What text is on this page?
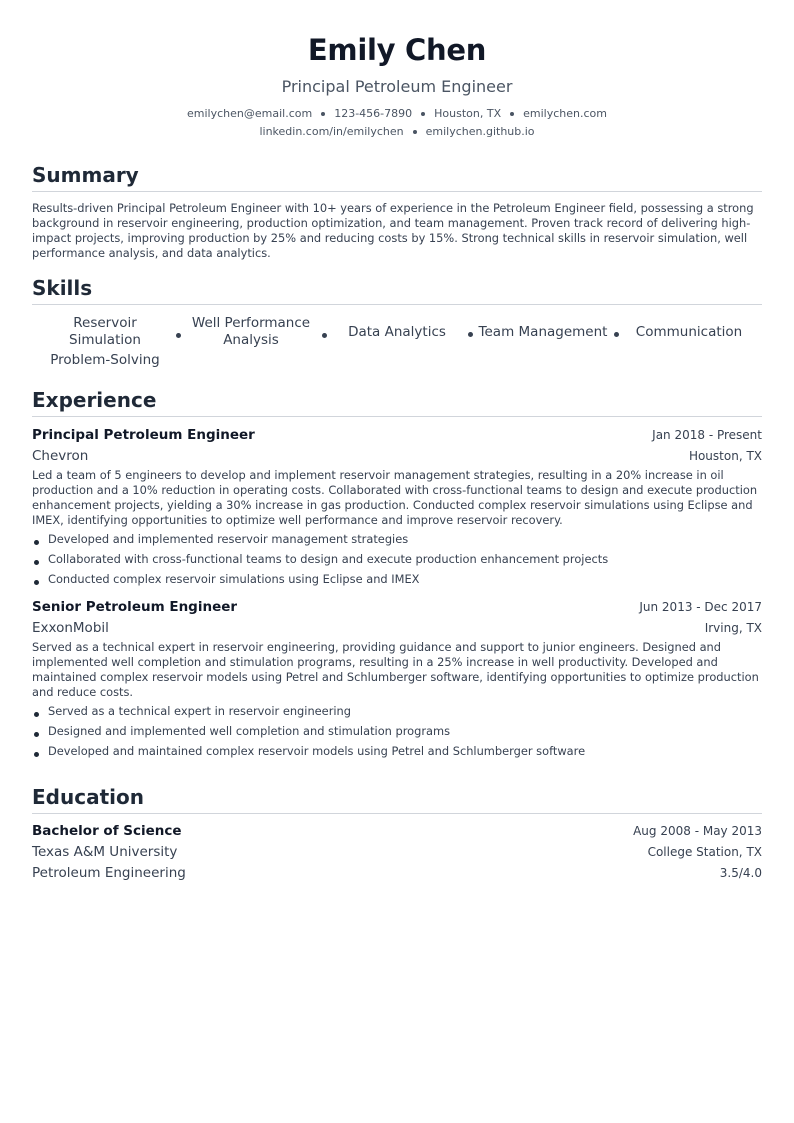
Emily Chen
Principal Petroleum Engineer
emilychen@email.com 123-456-7890 Houston, TX emilychen.com
linkedin.com/in/emilychen emilychen.github.io
Summary
Results-driven Principal Petroleum Engineer with 10+ years of experience in the Petroleum Engineer field, possessing a strong background in reservoir engineering, production optimization, and team management. Proven track record of delivering high-impact projects, improving production by 25% and reducing costs by 15%. Strong technical skills in reservoir simulation, well performance analysis, and data analytics.
Skills
Reservoir Simulation
Well Performance Analysis	Data Analytics	Team Management	Communication
Problem-Solving
Experience
Principal Petroleum Engineer	Jan 2018 - Present
Chevron	Houston, TX
Led a team of 5 engineers to develop and implement reservoir management strategies, resulting in a 20% increase in oil production and a 10% reduction in operating costs. Collaborated with cross-functional teams to design and execute production enhancement projects, yielding a 30% increase in gas production. Conducted complex reservoir simulations using Eclipse and IMEX, identifying opportunities to optimize well performance and improve reservoir recovery.
Developed and implemented reservoir management strategies
Collaborated with cross-functional teams to design and execute production enhancement projects
Conducted complex reservoir simulations using Eclipse and IMEX
Senior Petroleum Engineer	Jun 2013 - Dec 2017
ExxonMobil	Irving, TX
Served as a technical expert in reservoir engineering, providing guidance and support to junior engineers. Designed and implemented well completion and stimulation programs, resulting in a 25% increase in well productivity. Developed and maintained complex reservoir models using Petrel and Schlumberger software, identifying opportunities to optimize production and reduce costs.
Served as a technical expert in reservoir engineering
Designed and implemented well completion and stimulation programs
Developed and maintained complex reservoir models using Petrel and Schlumberger software
Education
Bachelor of Science	Aug 2008 - May 2013
Texas A&M University	College Station, TX
Petroleum Engineering	3.5/4.0
